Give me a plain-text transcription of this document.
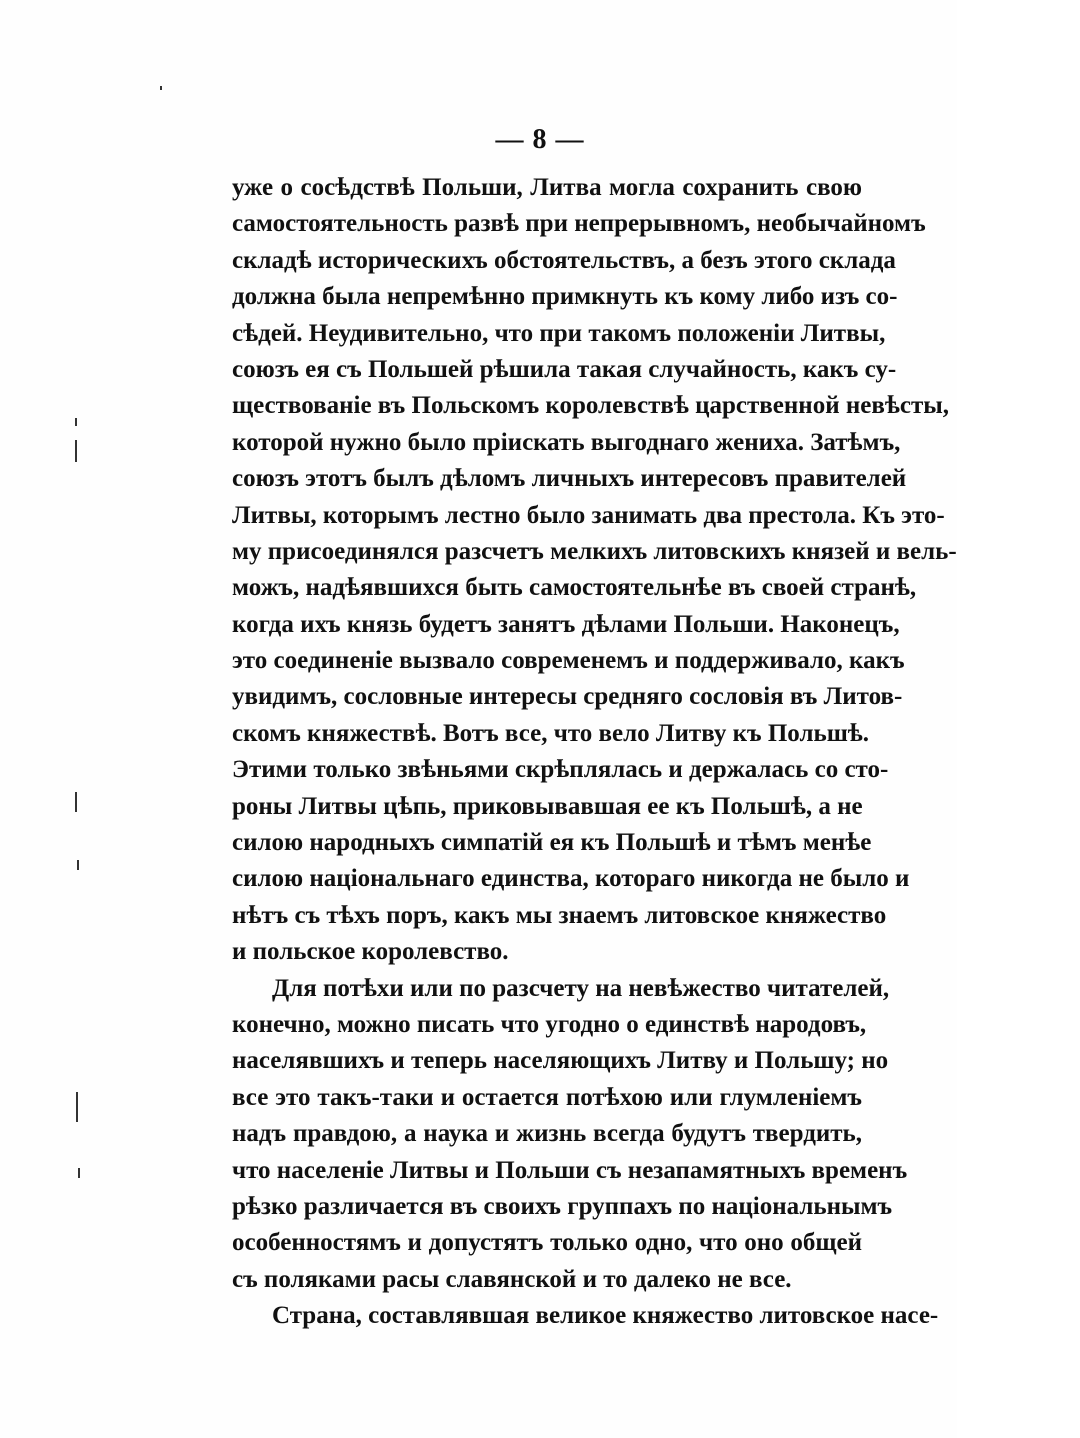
— 8 —
уже о сосѣдствѣ Польши, Литва могла сохранить свою
самостоятельность развѣ при непрерывномъ, необычайномъ
складѣ историческихъ обстоятельствъ, а безъ этого склада
должна была непремѣнно примкнуть къ кому либо изъ со-
сѣдей. Неудивительно, что при такомъ положенiи Литвы,
союзъ ея съ Польшей рѣшила такая случайность, какъ су-
ществованiе въ Польскомъ королевствѣ царственной невѣсты,
которой нужно было прiискать выгоднаго жениха. Затѣмъ,
союзъ этотъ былъ дѣломъ личныхъ интересовъ правителей
Литвы, которымъ лестно было занимать два престола. Къ это-
му присоединялся разсчетъ мелкихъ литовскихъ князей и вель-
можъ, надѣявшихся быть самостоятельнѣе въ своей странѣ,
когда ихъ князь будетъ занятъ дѣлами Польши. Наконецъ,
это соединенiе вызвало современемъ и поддерживало, какъ
увидимъ, сословные интересы средняго сословiя въ Литов-
скомъ княжествѣ. Вотъ все, что вело Литву къ Польшѣ.
Этими только звѣньями скрѣплялась и держалась со сто-
роны Литвы цѣпь, приковывавшая ее къ Польшѣ, а не
силою народныхъ симпатiй ея къ Польшѣ и тѣмъ менѣе
силою нацiональнаго единства, котораго никогда не было и
нѣтъ съ тѣхъ поръ, какъ мы знаемъ литовское княжество
и польское королевство.
Для потѣхи или по разсчету на невѣжество читателей,
конечно, можно писать что угодно о единствѣ народовъ,
населявшихъ и теперь населяющихъ Литву и Польшу; но
все это такъ-таки и остается потѣхою или глумленiемъ
надъ правдою, а наука и жизнь всегда будутъ твердить,
что населенiе Литвы и Польши съ незапамятныхъ временъ
рѣзко различается въ своихъ группахъ по нацiональнымъ
особенностямъ и допустятъ только одно, что оно общей
съ поляками расы славянской и то далеко не все.
Страна, составлявшая великое княжество литовское насе-
